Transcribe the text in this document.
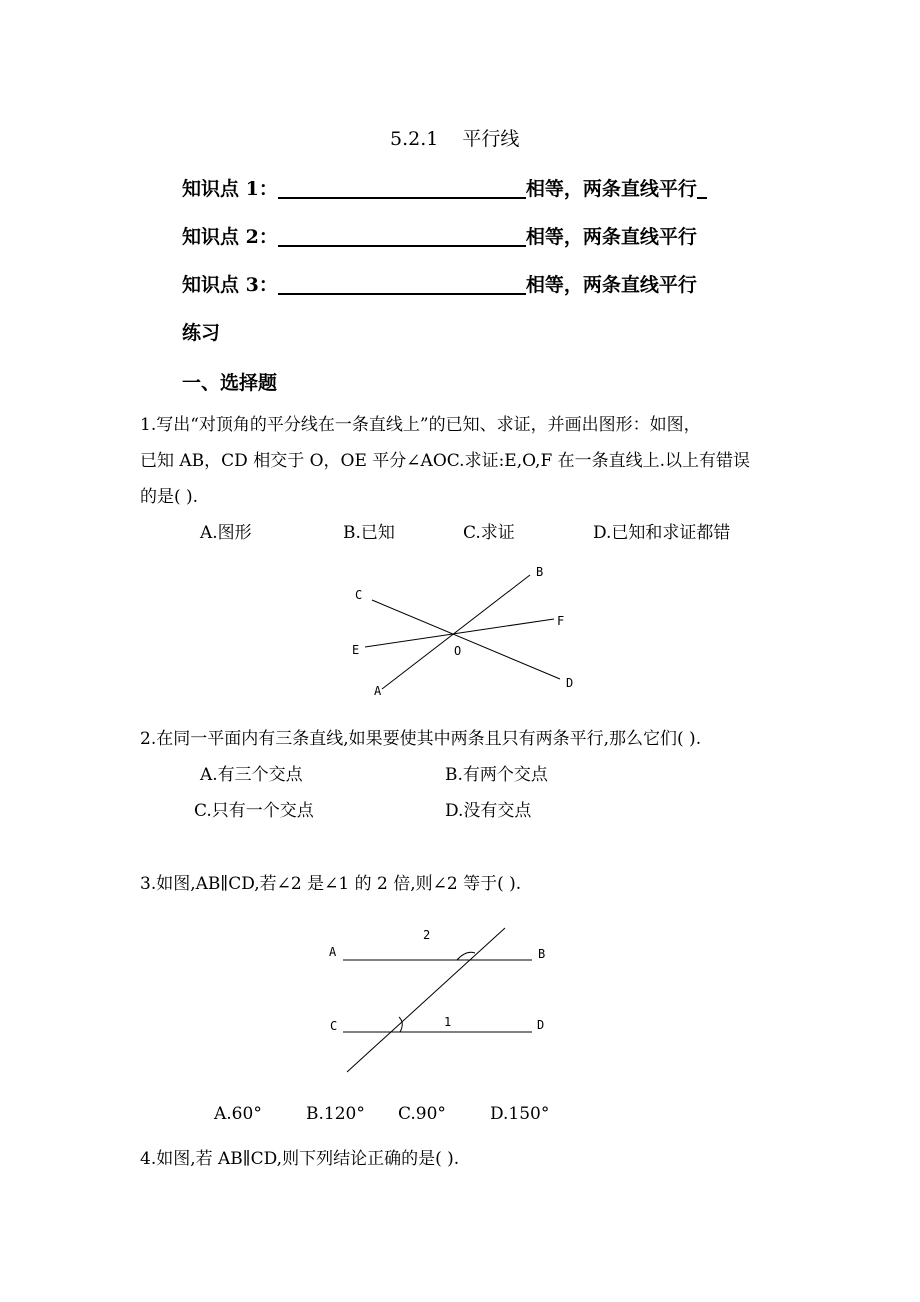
5.2.1 平行线
知识点 1：	相等，两条直线平行
知识点 2：	相等，两条直线平行
知识点 3：	相等，两条直线平行
练习
一、选择题
1.写出“对顶角的平分线在一条直线上”的已知、求证，并画出图形：如图，
已知 AB，CD 相交于 O，OE 平分∠AOC.求证:E,O,F 在一条直线上.以上有错误
的是( ).
A.图形	B.已知	C.求证	D.已知和求证都错
B
C
F
E	O
D
A
2.在同一平面内有三条直线,如果要使其中两条且只有两条平行,那么它们( ).
A.有三个交点	B.有两个交点
C.只有一个交点	D.没有交点
3.如图,AB∥CD,若∠2 是∠1 的 2 倍,则∠2 等于( ).
A	B
C	D
2
1
A.60°	B.120° C.90°	D.150°
4.如图,若 AB∥CD,则下列结论正确的是( ).
